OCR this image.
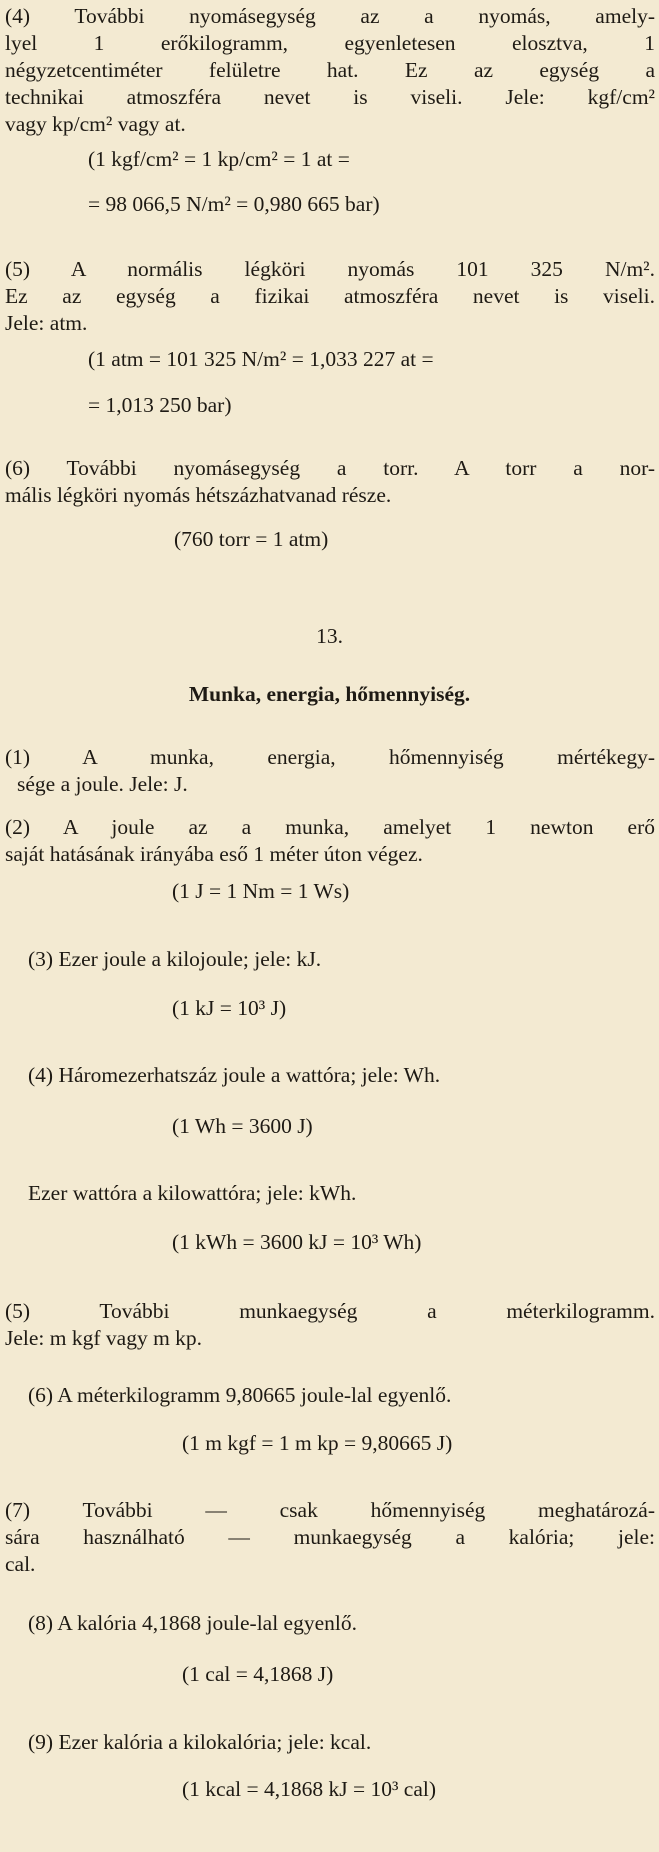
(4) További nyomásegység az a nyomás, amely-
lyel 1 erőkilogramm, egyenletesen elosztva, 1
négyzetcentiméter felületre hat. Ez az egység a
technikai atmoszféra nevet is viseli. Jele: kgf/cm²
vagy kp/cm² vagy at.

(1 kgf/cm² = 1 kp/cm² = 1 at =

= 98 066,5 N/m² = 0,980 665 bar)

(5) A normális légköri nyomás 101 325 N/m².
Ez az egység a fizikai atmoszféra nevet is viseli.
Jele: atm.

(1 atm = 101 325 N/m² = 1,033 227 at =

= 1,013 250 bar)

(6) További nyomásegység a torr. A torr a nor-
mális légköri nyomás hétszázhatvanad része.

(760 torr = 1 atm)

13.

Munka, energia, hőmennyiség.

(1) A munka, energia, hőmennyiség mértékegy-
sége a joule. Jele: J.
(2) A joule az a munka, amelyet 1 newton erő
saját hatásának irányába eső 1 méter úton végez.

(1 J = 1 Nm = 1 Ws)

(3) Ezer joule a kilojoule; jele: kJ.

(1 kJ = 10³ J)

(4) Háromezerhatszáz joule a wattóra; jele: Wh.

(1 Wh = 3600 J)

Ezer wattóra a kilowattóra; jele: kWh.

(1 kWh = 3600 kJ = 10³ Wh)

(5) További munkaegység a méterkilogramm.
Jele: m kgf vagy m kp.

(6) A méterkilogramm 9,80665 joule-lal egyenlő.

(1 m kgf = 1 m kp = 9,80665 J)

(7) További — csak hőmennyiség meghatározá-
sára használható — munkaegység a kalória; jele:
cal.

(8) A kalória 4,1868 joule-lal egyenlő.

(1 cal = 4,1868 J)

(9) Ezer kalória a kilokalória; jele: kcal.

(1 kcal = 4,1868 kJ = 10³ cal)
